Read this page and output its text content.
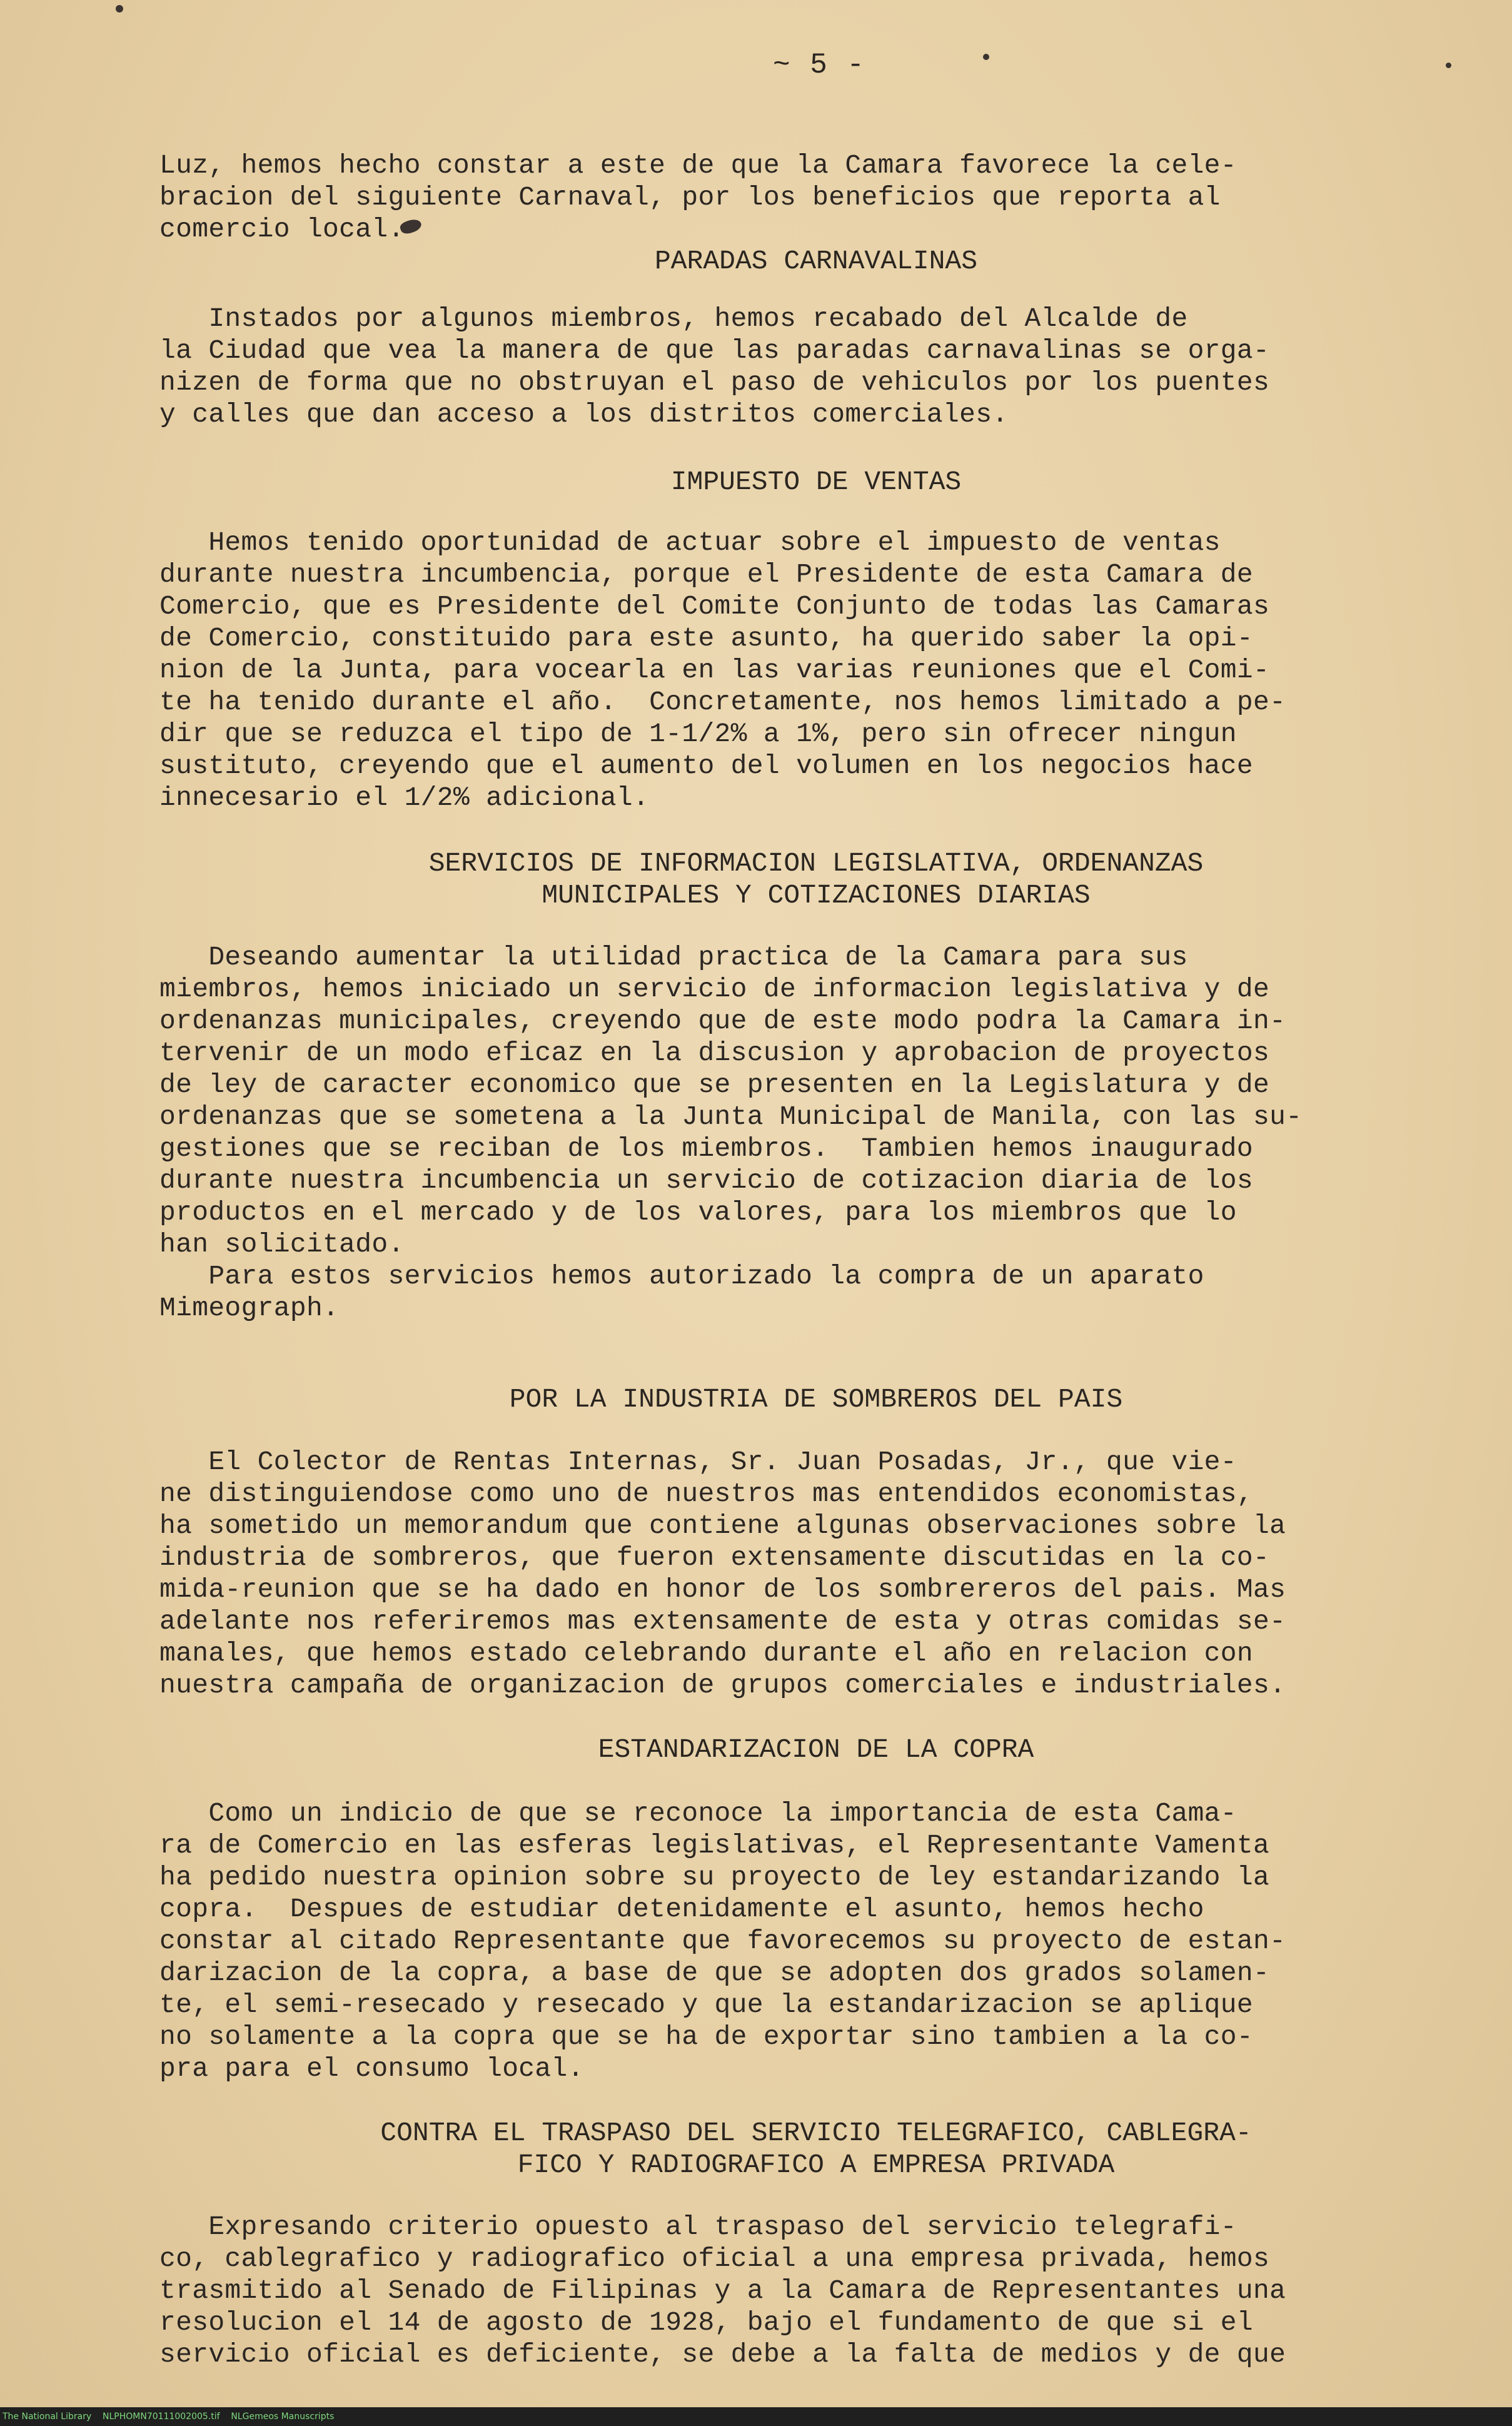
~ 5 -

Luz, hemos hecho constar a este de que la Camara favorece la cele-
bracion del siguiente Carnaval, por los beneficios que reporta al
comercio local.
PARADAS CARNAVALINAS
Instados por algunos miembros, hemos recabado del Alcalde de
la Ciudad que vea la manera de que las paradas carnavalinas se orga-
nizen de forma que no obstruyan el paso de vehiculos por los puentes
y calles que dan acceso a los distritos comerciales.
IMPUESTO DE VENTAS
Hemos tenido oportunidad de actuar sobre el impuesto de ventas
durante nuestra incumbencia, porque el Presidente de esta Camara de
Comercio, que es Presidente del Comite Conjunto de todas las Camaras
de Comercio, constituido para este asunto, ha querido saber la opi-
nion de la Junta, para vocearla en las varias reuniones que el Comi-
te ha tenido durante el año.  Concretamente, nos hemos limitado a pe-
dir que se reduzca el tipo de 1-1/2% a 1%, pero sin ofrecer ningun
sustituto, creyendo que el aumento del volumen en los negocios hace
innecesario el 1/2% adicional.
SERVICIOS DE INFORMACION LEGISLATIVA, ORDENANZAS
MUNICIPALES Y COTIZACIONES DIARIAS
Deseando aumentar la utilidad practica de la Camara para sus
miembros, hemos iniciado un servicio de informacion legislativa y de
ordenanzas municipales, creyendo que de este modo podra la Camara in-
tervenir de un modo eficaz en la discusion y aprobacion de proyectos
de ley de caracter economico que se presenten en la Legislatura y de
ordenanzas que se sometena a la Junta Municipal de Manila, con las su-
gestiones que se reciban de los miembros.  Tambien hemos inaugurado
durante nuestra incumbencia un servicio de cotizacion diaria de los
productos en el mercado y de los valores, para los miembros que lo
han solicitado.
Para estos servicios hemos autorizado la compra de un aparato
Mimeograph.
POR LA INDUSTRIA DE SOMBREROS DEL PAIS
El Colector de Rentas Internas, Sr. Juan Posadas, Jr., que vie-
ne distinguiendose como uno de nuestros mas entendidos economistas,
ha sometido un memorandum que contiene algunas observaciones sobre la
industria de sombreros, que fueron extensamente discutidas en la co-
mida-reunion que se ha dado en honor de los sombrereros del pais. Mas
adelante nos referiremos mas extensamente de esta y otras comidas se-
manales, que hemos estado celebrando durante el año en relacion con
nuestra campaña de organizacion de grupos comerciales e industriales.
ESTANDARIZACION DE LA COPRA
Como un indicio de que se reconoce la importancia de esta Cama-
ra de Comercio en las esferas legislativas, el Representante Vamenta
ha pedido nuestra opinion sobre su proyecto de ley estandarizando la
copra.  Despues de estudiar detenidamente el asunto, hemos hecho
constar al citado Representante que favorecemos su proyecto de estan-
darizacion de la copra, a base de que se adopten dos grados solamen-
te, el semi-resecado y resecado y que la estandarizacion se aplique
no solamente a la copra que se ha de exportar sino tambien a la co-
pra para el consumo local.
CONTRA EL TRASPASO DEL SERVICIO TELEGRAFICO, CABLEGRA-
FICO Y RADIOGRAFICO A EMPRESA PRIVADA
Expresando criterio opuesto al traspaso del servicio telegrafi-
co, cablegrafico y radiografico oficial a una empresa privada, hemos
trasmitido al Senado de Filipinas y a la Camara de Representantes una
resolucion el 14 de agosto de 1928, bajo el fundamento de que si el
servicio oficial es deficiente, se debe a la falta de medios y de que
The National Library    NLPHOMN70111002005.tif    NLGemeos Manuscripts
